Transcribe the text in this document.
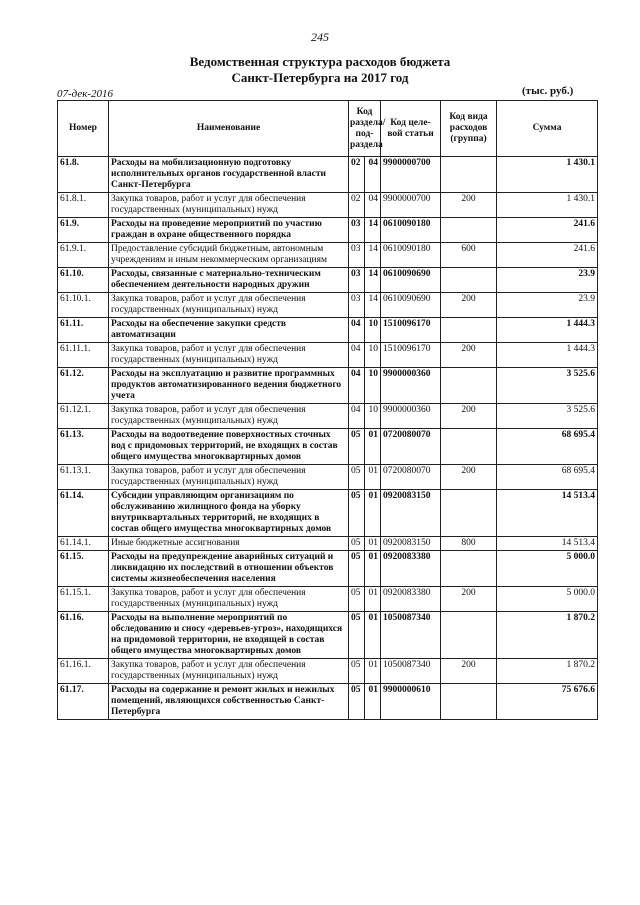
245
Ведомственная структура расходов бюджета
Санкт-Петербурга на 2017 год
07-дек-2016	(тыс. руб.)
Номер	Наименование	Код раздела/ под- раздела		Код целе- вой статьи	Код вида расходов (группа)	Сумма
61.8.	Расходы на мобилизационную подготовку исполнительных органов государственной власти Санкт-Петербурга	02	04	9900000700		1 430.1
61.8.1.	Закупка товаров, работ и услуг для обеспечения государственных (муниципальных) нужд	02	04	9900000700	200	1 430.1
61.9.	Расходы на проведение мероприятий по участию граждан в охране общественного порядка	03	14	0610090180		241.6
61.9.1.	Предоставление субсидий бюджетным, автономным учреждениям и иным некоммерческим организациям	03	14	0610090180	600	241.6
61.10.	Расходы, связанные с материально-техническим обеспечением деятельности народных дружин	03	14	0610090690		23.9
61.10.1.	Закупка товаров, работ и услуг для обеспечения государственных (муниципальных) нужд	03	14	0610090690	200	23.9
61.11.	Расходы на обеспечение закупки средств автоматизации	04	10	1510096170		1 444.3
61.11.1.	Закупка товаров, работ и услуг для обеспечения государственных (муниципальных) нужд	04	10	1510096170	200	1 444.3
61.12.	Расходы на эксплуатацию и развитие программных продуктов автоматизированного ведения бюджетного учета	04	10	9900000360		3 525.6
61.12.1.	Закупка товаров, работ и услуг для обеспечения государственных (муниципальных) нужд	04	10	9900000360	200	3 525.6
61.13.	Расходы на водоотведение поверхностных сточных вод с придомовых территорий, не входящих в состав общего имущества многоквартирных домов	05	01	0720080070		68 695.4
61.13.1.	Закупка товаров, работ и услуг для обеспечения государственных (муниципальных) нужд	05	01	0720080070	200	68 695.4
61.14.	Субсидии управляющим организациям по обслуживанию жилищного фонда на уборку внутриквартальных территорий, не входящих в состав общего имущества многоквартирных домов	05	01	0920083150		14 513.4
61.14.1.	Иные бюджетные ассигнования	05	01	0920083150	800	14 513.4
61.15.	Расходы на предупреждение аварийных ситуаций и ликвидацию их последствий в отношении объектов системы жизнеобеспечения населения	05	01	0920083380		5 000.0
61.15.1.	Закупка товаров, работ и услуг для обеспечения государственных (муниципальных) нужд	05	01	0920083380	200	5 000.0
61.16.	Расходы на выполнение мероприятий по обследованию и сносу «деревьев-угроз», находящихся на придомовой территории, не входящей в состав общего имущества многоквартирных домов	05	01	1050087340		1 870.2
61.16.1.	Закупка товаров, работ и услуг для обеспечения государственных (муниципальных) нужд	05	01	1050087340	200	1 870.2
61.17.	Расходы на содержание и ремонт жилых и нежилых помещений, являющихся собственностью Санкт-Петербурга	05	01	9900000610		75 676.6
